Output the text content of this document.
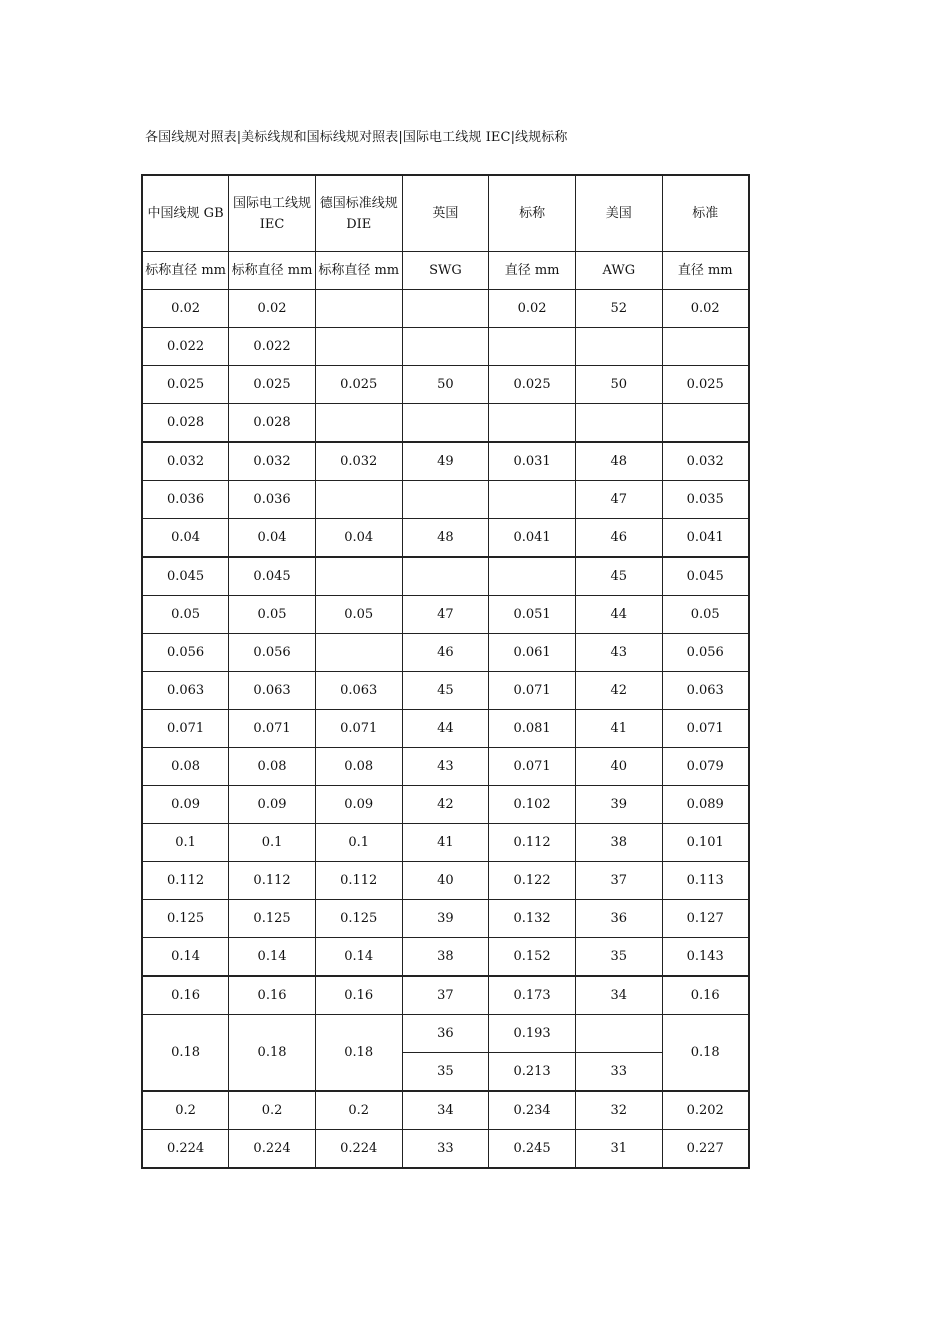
各国线规对照表|美标线规和国标线规对照表|国际电工线规 IEC|线规标称
中国线规 GB	国际电工线规 IEC	德国标准线规 DIE	英国	标称	美国	标准
标称直径 mm	标称直径 mm	标称直径 mm	SWG	直径 mm	AWG	直径 mm
0.02	0.02			0.02	52	0.02
0.022	0.022					
0.025	0.025	0.025	50	0.025	50	0.025
0.028	0.028					
0.032	0.032	0.032	49	0.031	48	0.032
0.036	0.036				47	0.035
0.04	0.04	0.04	48	0.041	46	0.041
0.045	0.045				45	0.045
0.05	0.05	0.05	47	0.051	44	0.05
0.056	0.056		46	0.061	43	0.056
0.063	0.063	0.063	45	0.071	42	0.063
0.071	0.071	0.071	44	0.081	41	0.071
0.08	0.08	0.08	43	0.071	40	0.079
0.09	0.09	0.09	42	0.102	39	0.089
0.1	0.1	0.1	41	0.112	38	0.101
0.112	0.112	0.112	40	0.122	37	0.113
0.125	0.125	0.125	39	0.132	36	0.127
0.14	0.14	0.14	38	0.152	35	0.143
0.16	0.16	0.16	37	0.173	34	0.16
0.18	0.18	0.18	36	0.193		0.18
			35	0.213	33	
0.2	0.2	0.2	34	0.234	32	0.202
0.224	0.224	0.224	33	0.245	31	0.227
